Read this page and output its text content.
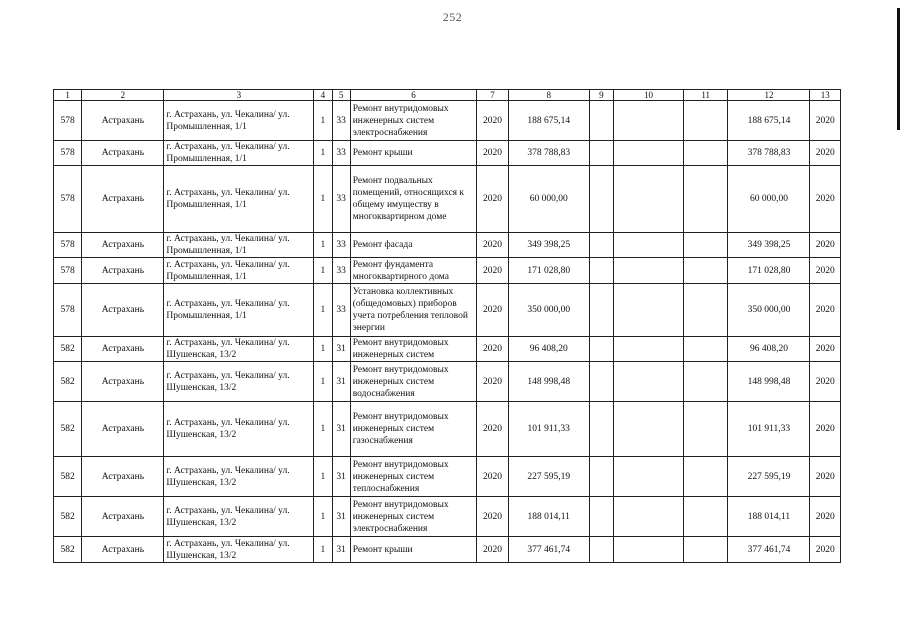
252
1	2	3	4	5	6	7	8	9	10	11	12	13
578	Астрахань	г. Астрахань, ул. Чекалина/ ул. Промышленная, 1/1	1	33	Ремонт внутридомовых инженерных систем электроснабжения	2020	188 675,14				188 675,14	2020
578	Астрахань	г. Астрахань, ул. Чекалина/ ул. Промышленная, 1/1	1	33	Ремонт крыши	2020	378 788,83				378 788,83	2020
578	Астрахань	г. Астрахань, ул. Чекалина/ ул. Промышленная, 1/1	1	33	Ремонт подвальных помещений, относящихся к общему имуществу в многоквартирном доме	2020	60 000,00				60 000,00	2020
578	Астрахань	г. Астрахань, ул. Чекалина/ ул. Промышленная, 1/1	1	33	Ремонт фасада	2020	349 398,25				349 398,25	2020
578	Астрахань	г. Астрахань, ул. Чекалина/ ул. Промышленная, 1/1	1	33	Ремонт фундамента многоквартирного дома	2020	171 028,80				171 028,80	2020
578	Астрахань	г. Астрахань, ул. Чекалина/ ул. Промышленная, 1/1	1	33	Установка коллективных (общедомовых) приборов учета потребления тепловой энергии	2020	350 000,00				350 000,00	2020
582	Астрахань	г. Астрахань, ул. Чекалина/ ул. Шушенская, 13/2	1	31	Ремонт внутридомовых инженерных систем	2020	96 408,20				96 408,20	2020
582	Астрахань	г. Астрахань, ул. Чекалина/ ул. Шушенская, 13/2	1	31	Ремонт внутридомовых инженерных систем водоснабжения	2020	148 998,48				148 998,48	2020
582	Астрахань	г. Астрахань, ул. Чекалина/ ул. Шушенская, 13/2	1	31	Ремонт внутридомовых инженерных систем газоснабжения	2020	101 911,33				101 911,33	2020
582	Астрахань	г. Астрахань, ул. Чекалина/ ул. Шушенская, 13/2	1	31	Ремонт внутридомовых инженерных систем теплоснабжения	2020	227 595,19				227 595,19	2020
582	Астрахань	г. Астрахань, ул. Чекалина/ ул. Шушенская, 13/2	1	31	Ремонт внутридомовых инженерных систем электроснабжения	2020	188 014,11				188 014,11	2020
582	Астрахань	г. Астрахань, ул. Чекалина/ ул. Шушенская, 13/2	1	31	Ремонт крыши	2020	377 461,74				377 461,74	2020
